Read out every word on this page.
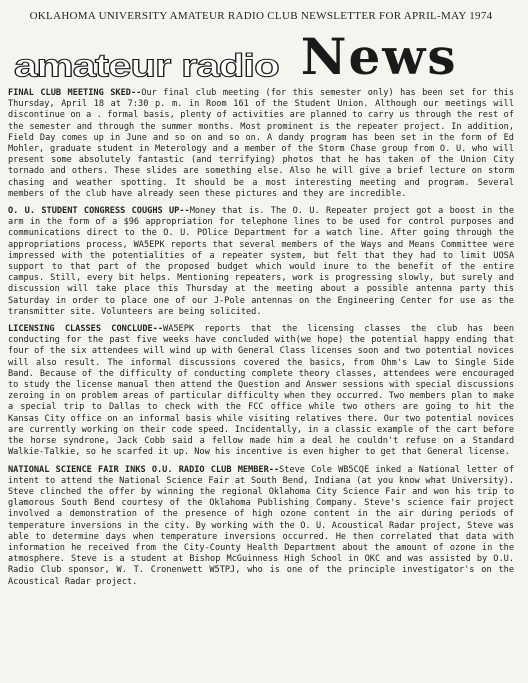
OKLAHOMA UNIVERSITY AMATEUR RADIO CLUB NEWSLETTER FOR APRIL-MAY 1974
amateur radio News
FINAL CLUB MEETING SKED--Our final club meeting (for this semester only) has been set for this Thursday, April 18 at 7:30 p. m. in Room 161 of the Student Union. Although our meetings will discontinue on a . formal basis, plenty of activities are planned to carry us through the rest of the semester and through the summer months. Most prominent is the repeater project. In addition, Field Day comes up in June and so on and so on. A dandy program has been set in the form of Ed Mohler, graduate student in Meterology and a member of the Storm Chase group from O. U. who will present some absolutely fantastic (and terrifying) photos that he has taken of the Union City tornado and others. These slides are something else. Also he will give a brief lecture on storm chasing and weather spotting. It should be a most interesting meeting and program. Several members of the club have already seen these pictures and they are incredible.
O. U. STUDENT CONGRESS COUGHS UP--Money that is. The O. U. Repeater project got a boost in the arm in the form of a $96 appropriation for telephone lines to be used for control purposes and communications direct to the O. U. POlice Department for a watch line. After going through the appropriations process, WA5EPK reports that several members of the Ways and Means Committee were impressed with the potentialities of a repeater system, but felt that they had to limit UOSA support to that part of the proposed budget which would inure to the benefit of the entire campus. Still, every bit helps. Mentioning repeaters, work is progressing slowly, but surely and discussion will take place this Thursday at the meeting about a possible antenna party this Saturday in order to place one of our J-Pole antennas on the Engineering Center for use as the transmitter site. Volunteers are being solicited.
LICENSING CLASSES CONCLUDE--WA5EPK reports that the licensing classes the club has been conducting for the past five weeks have concluded with(we hope) the potential happy ending that four of the six attendees will wind up with General Class licenses soon and two potential novices will also result. The informal discussions covered the basics, from Ohm's Law to Single Side Band. Because of the difficulty of conducting complete theory classes, attendees were encouraged to study the license manual then attend the Question and Answer sessions with special discussions zeroing in on problem areas of particular difficulty when they occurred. Two members plan to make a special trip to Dallas to check with the FCC office while two others are going to hit the Kansas City office on an informal basis while visiting relatives there. Our two potential novices are currently working on their code speed. Incidentally, in a classic example of the cart before the horse syndrone, Jack Cobb said a fellow made him a deal he couldn't refuse on a Standard Walkie-Talkie, so he scarfed it up. Now his incentive is even higher to get that General license.
NATIONAL SCIENCE FAIR INKS O.U. RADIO CLUB MEMBER--Steve Cole WB5CQE inked a National letter of intent to attend the National Science Fair at South Bend, Indiana (at you know what University). Steve clinched the offer by winning the regional Oklahoma City Science Fair and won his trip to glamorous South Bend courtesy of the Oklahoma Publishing Company. Steve's science fair project involved a demonstration of the presence of high ozone content in the air during periods of temperature inversions in the city. By working with the O. U. Acoustical Radar project, Steve was able to determine days when temperature inversions occurred. He then correlated that data with information he received from the City-County Health Department about the amount of ozone in the atmosphere. Steve is a student at Bishop McGuinness High School in OKC and was assisted by O.U. Radio Club sponsor, W. T. Cronenwett W5TPJ, who is one of the principle investigator's on the Acoustical Radar project.
